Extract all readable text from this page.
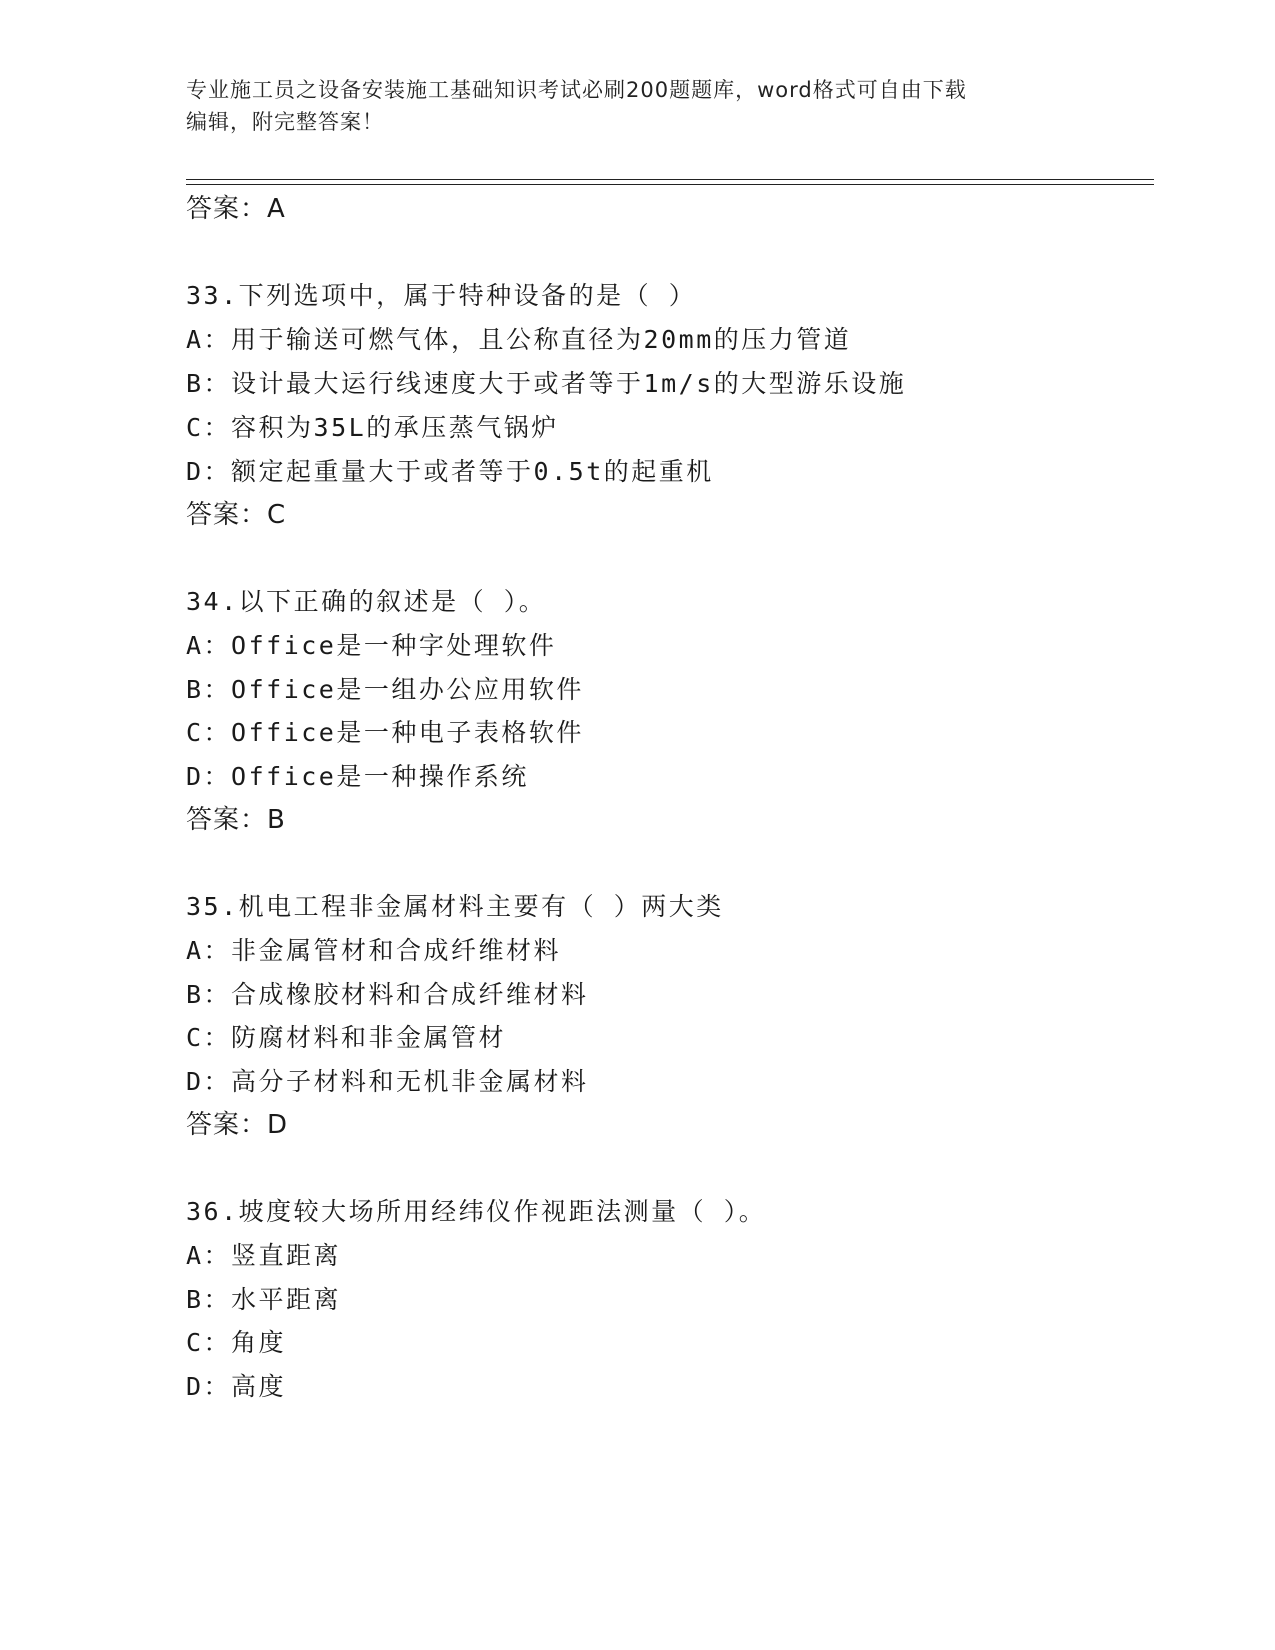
专业施工员之设备安装施工基础知识考试必刷200题题库，word格式可自由下载
编辑，附完整答案！
答案：A
33.下列选项中，属于特种设备的是（ ）
A：用于输送可燃气体，且公称直径为20mm的压力管道
B：设计最大运行线速度大于或者等于1m/s的大型游乐设施
C：容积为35L的承压蒸气锅炉
D：额定起重量大于或者等于0.5t的起重机
答案：C
34.以下正确的叙述是（ ）。
A：Office是一种字处理软件
B：Office是一组办公应用软件
C：Office是一种电子表格软件
D：Office是一种操作系统
答案：B
35.机电工程非金属材料主要有（ ）两大类
A：非金属管材和合成纤维材料
B：合成橡胶材料和合成纤维材料
C：防腐材料和非金属管材
D：高分子材料和无机非金属材料
答案：D
36.坡度较大场所用经纬仪作视距法测量（ ）。
A：竖直距离
B：水平距离
C：角度
D：高度
